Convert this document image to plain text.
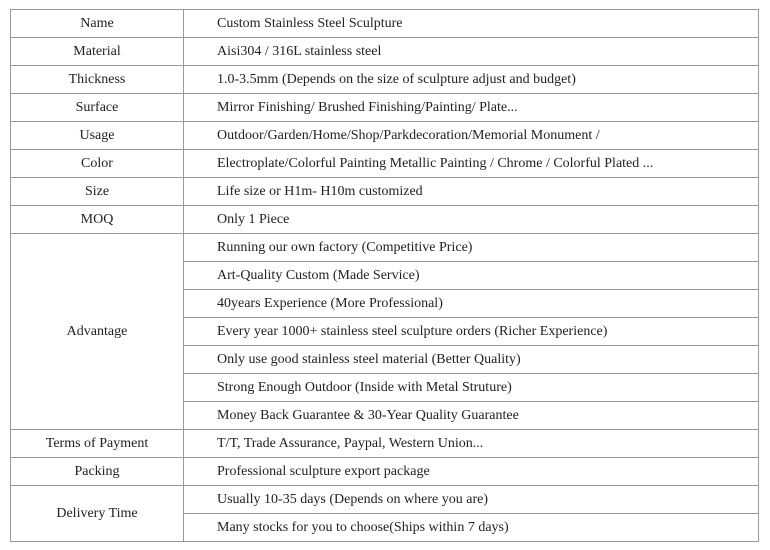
Name	Custom Stainless Steel Sculpture
Material	Aisi304 / 316L stainless steel
Thickness	1.0-3.5mm (Depends on the size of sculpture adjust and budget)
Surface	Mirror Finishing/ Brushed Finishing/Painting/ Plate...
Usage	Outdoor/Garden/Home/Shop/Parkdecoration/Memorial Monument /
Color	Electroplate/Colorful Painting Metallic Painting / Chrome / Colorful Plated ...
Size	Life size or H1m- H10m customized
MOQ	Only 1 Piece
Advantage	Running our own factory (Competitive Price)
	Art-Quality Custom (Made Service)
	40years Experience (More Professional)
	Every year 1000+ stainless steel sculpture orders (Richer Experience)
	Only use good stainless steel material (Better Quality)
	Strong Enough Outdoor (Inside with Metal Struture)
	Money Back Guarantee & 30-Year Quality Guarantee
Terms of Payment	T/T, Trade Assurance, Paypal, Western Union...
Packing	Professional sculpture export package
Delivery Time	Usually 10-35 days (Depends on where you are)
	Many stocks for you to choose(Ships within 7 days)
